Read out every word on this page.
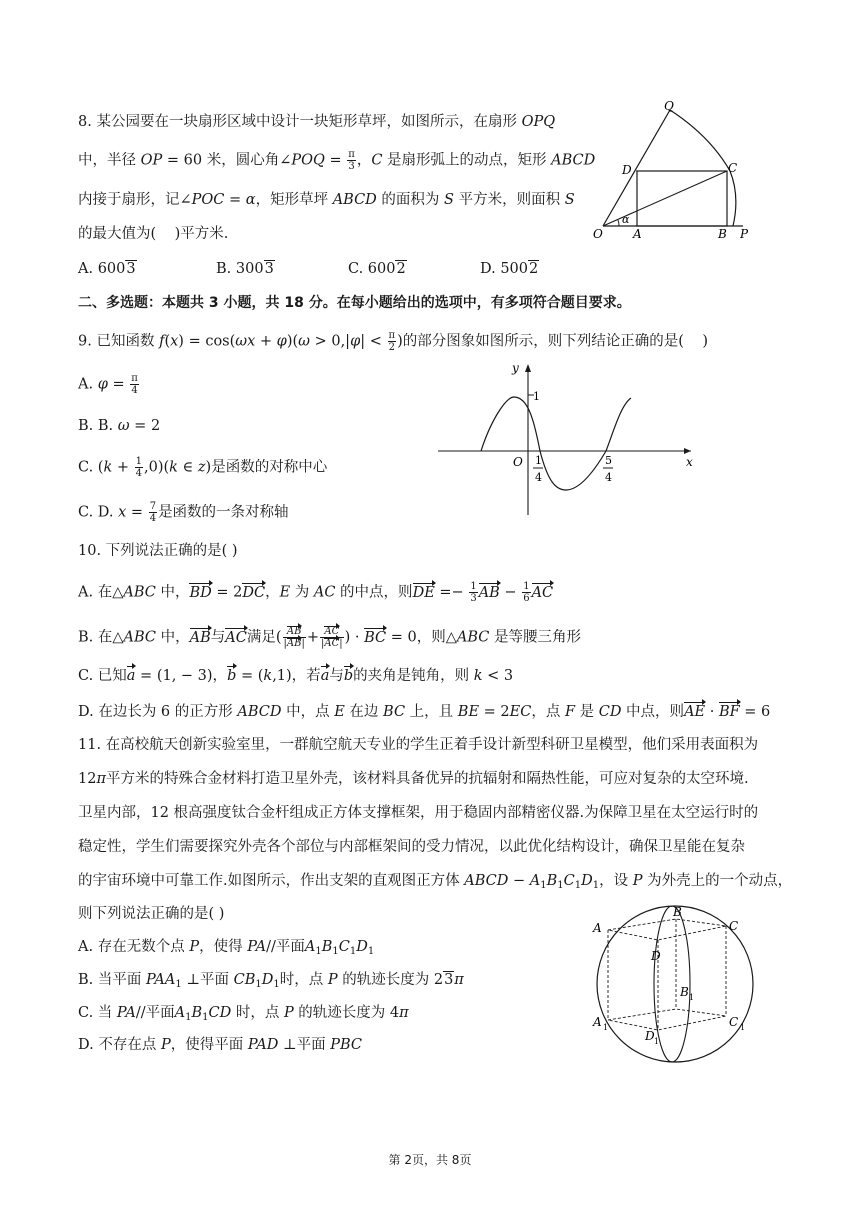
8. 某公园要在一块扇形区域中设计一块矩形草坪，如图所示，在扇形 OPQ
中，半径 OP = 60 米，圆心角∠POQ = $\frac{\pi}{3}$ ，C 是扇形弧上的动点，矩形 ABCD
内接于扇形，记∠POC = α，矩形草坪 ABCD 的面积为 S 平方米，则面积 S
的最大值为(    )平方米.
A. 6003	B. 3003	C. 6002	D. 5002
Q
D	C
O	A	B P
α
二、多选题：本题共 3 小题，共 18 分。在每小题给出的选项中，有多项符合题目要求。
9. 已知函数 $f(x) = \cos(\omega x + \varphi)(\omega > 0,|\varphi| < \frac{\pi}{2}$ )的部分图象如图所示，则下列结论正确的是(    )
A. $\varphi = \frac{\pi}{4}$
B. B. ω = 2
C. $(k + \frac{1}{4} ,0)(k$ ∈ z)是函数的对称中心
C. D. $x = \frac{7}{4}$ 是函数的一条对称轴
y
x
O
1
1
4
5
4
10. 下列说法正确的是( )
A. 在△ABC 中，BD = 2DC，E 为 AC 的中点，则DE =− $\frac{1}{3}$ AB − $\frac{1}{6}$ AC
B. 在△ABC 中，AB与AC满足( $\frac{AB}{|AB|} + \frac{AC}{|AC|}$ ) · BC = 0，则△ABC 是等腰三角形
C. 已知a = (1, − 3)，b = (k,1)，若a与b的夹角是钝角，则 k < 3
D. 在边长为 6 的正方形 ABCD 中，点 E 在边 BC 上，且 BE = 2EC，点 F 是 CD 中点，则AE · BF = 6
11. 在高校航天创新实验室里，一群航空航天专业的学生正着手设计新型科研卫星模型，他们采用表面积为
12π平方米的特殊合金材料打造卫星外壳，该材料具备优异的抗辐射和隔热性能，可应对复杂的太空环境.
卫星内部，12 根高强度钛合金杆组成正方体支撑框架，用于稳固内部精密仪器.为保障卫星在太空运行时的
稳定性，学生们需要探究外壳各个部位与内部框架间的受力情况，以此优化结构设计，确保卫星能在复杂
的宇宙环境中可靠工作.如图所示，作出支架的直观图正方体 ABCD − $A_1B_1C_1D_1$，设 P 为外壳上的一个动点，
则下列说法正确的是( )
A. 存在无数个点 P，使得 PA//平面$A_1B_1C_1D_1$
B. 当平面 $PAA_1$ ⊥平面 $CB_1D_1$时，点 P 的轨迹长度为 23π
C. 当 PA//平面$A_1B_1CD$ 时，点 P 的轨迹长度为 4π
D. 不存在点 P，使得平面 PAD ⊥平面 PBC
A
B
C
D
A 1
B 1
C 1
D 1
第 2页，共 8页
